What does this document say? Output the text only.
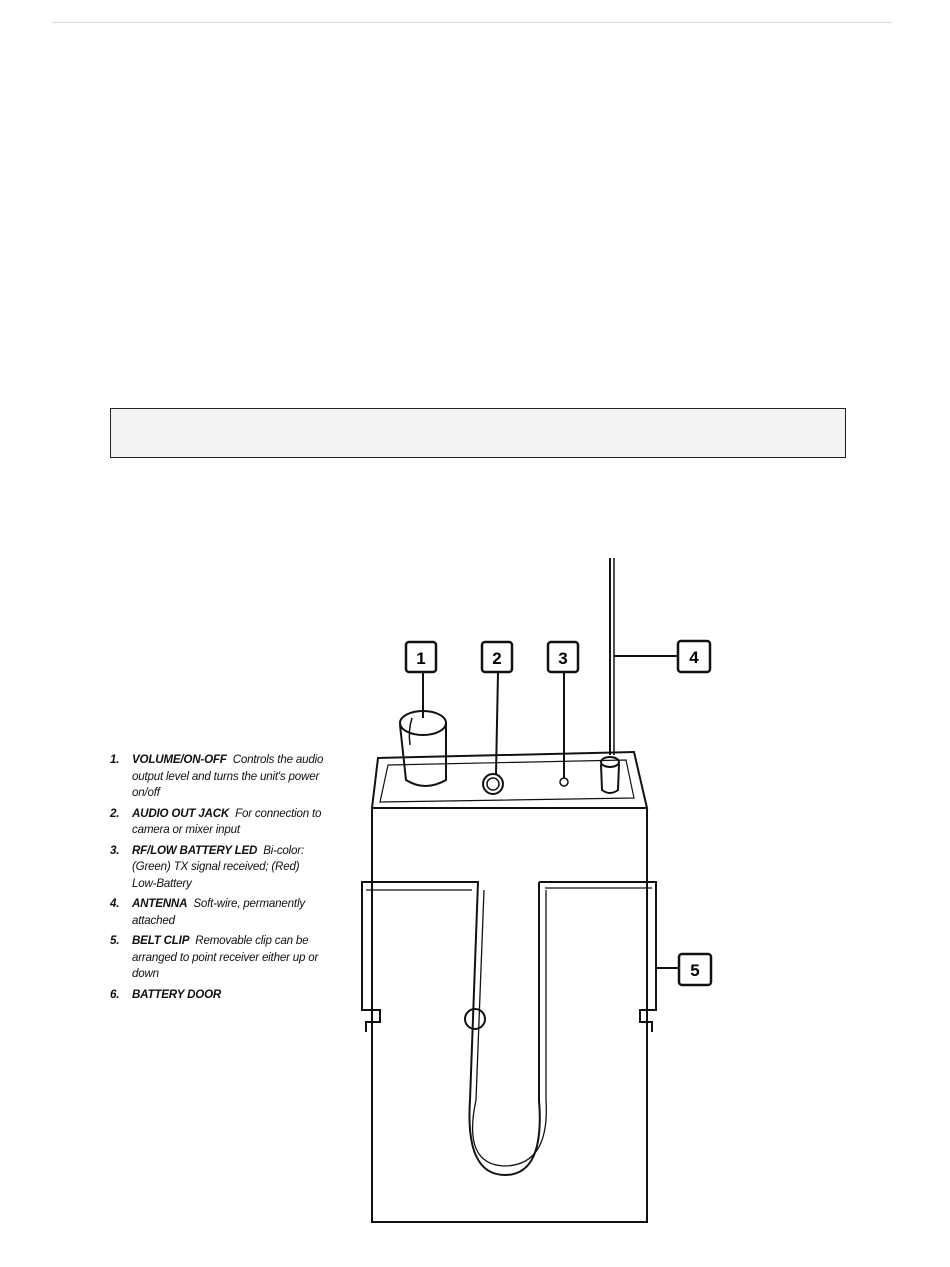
1.	VOLUME/ON-OFF Controls the audio output level and turns the unit's power on/off
2.	AUDIO OUT JACK For connection to camera or mixer input
3.	RF/LOW BATTERY LED Bi-color: (Green) TX signal received; (Red) Low-Battery
4.	ANTENNA Soft-wire, permanently attached
5.	BELT CLIP Removable clip can be arranged to point receiver either up or down
6.	BATTERY DOOR
1	2	3	4
5
